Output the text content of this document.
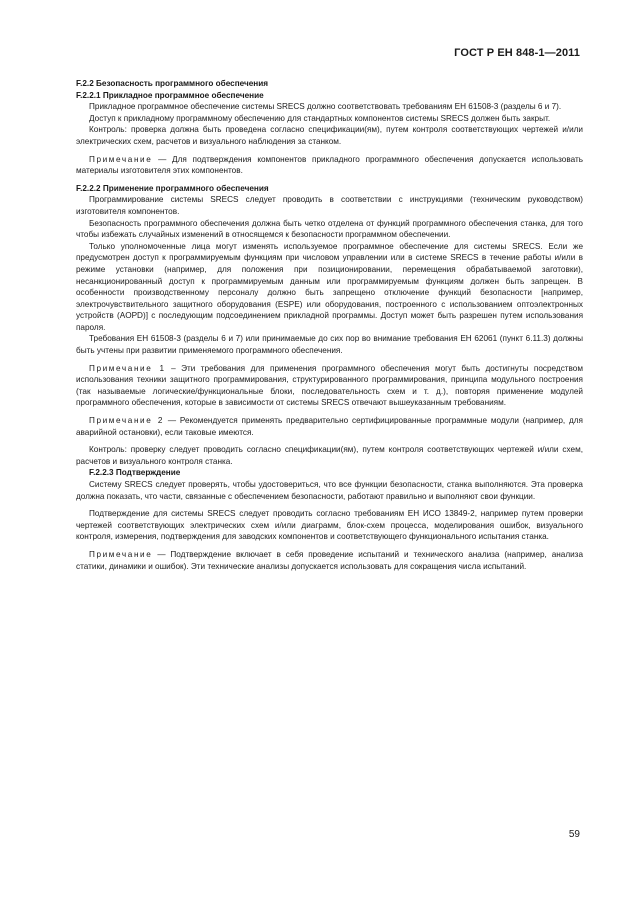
ГОСТ Р ЕН 848-1—2011

F.2.2 Безопасность программного обеспечения

F.2.2.1 Прикладное программное обеспечение

Прикладное программное обеспечение системы SRECS должно соответствовать требованиям ЕН 61508-3 (разделы 6 и 7).

Доступ к прикладному программному обеспечению для стандартных компонентов системы SRECS должен быть закрыт.

Контроль: проверка должна быть проведена согласно спецификации(ям), путем контроля соответствующих чертежей и/или электрических схем, расчетов и визуального наблюдения за станком.

Примечание — Для подтверждения компонентов прикладного программного обеспечения допускается использовать материалы изготовителя этих компонентов.

F.2.2.2 Применение программного обеспечения

Программирование системы SRECS следует проводить в соответствии с инструкциями (техническим руководством) изготовителя компонентов.

Безопасность программного обеспечения должна быть четко отделена от функций программного обеспечения станка, для того чтобы избежать случайных изменений в относящемся к безопасности программном обеспечении.

Только уполномоченные лица могут изменять используемое программное обеспечение для системы SRECS. Если же предусмотрен доступ к программируемым функциям при числовом управлении или в системе SRECS в течение работы и/или в режиме установки (например, для положения при позиционировании, перемещения обрабатываемой заготовки), несанкционированный доступ к программируемым данным или программируемым функциям должен быть запрещен. В особенности производственному персоналу должно быть запрещено отключение функций безопасности [например, электрочувствительного защитного оборудования (ESPE) или оборудования, построенного с использованием оптоэлектронных устройств (AOPD)] с последующим подсоединением прикладной программы. Доступ может быть разрешен путем использования пароля.

Требования ЕН 61508-3 (разделы 6 и 7) или принимаемые до сих пор во внимание требования ЕН 62061 (пункт 6.11.3) должны быть учтены при развитии применяемого программного обеспечения.

Примечание 1 – Эти требования для применения программного обеспечения могут быть достигнуты посредством использования техники защитного программирования, структурированного программирования, принципа модульного построения (так называемые логические/функциональные блоки, последовательность схем и т. д.), повторяя применение модулей программного обеспечения, которые в зависимости от системы SRECS отвечают вышеуказанным требованиям.

Примечание 2 — Рекомендуется применять предварительно сертифицированные программные модули (например, для аварийной остановки), если таковые имеются.

Контроль: проверку следует проводить согласно спецификации(ям), путем контроля соответствующих чертежей и/или схем, расчетов и визуального контроля станка.

F.2.2.3 Подтверждение

Систему SRECS следует проверять, чтобы удостовериться, что все функции безопасности, станка выполняются. Эта проверка должна показать, что части, связанные с обеспечением безопасности, работают правильно и выполняют свои функции.

Подтверждение для системы SRECS следует проводить согласно требованиям ЕН ИСО 13849-2, например путем проверки чертежей соответствующих электрических схем и/или диаграмм, блок-схем процесса, моделирования ошибок, визуального контроля, измерения, подтверждения для заводских компонентов и соответствующего функционального испытания станка.

Примечание — Подтверждение включает в себя проведение испытаний и технического анализа (например, анализа статики, динамики и ошибок). Эти технические анализы допускается использовать для сокращения числа испытаний.

59
